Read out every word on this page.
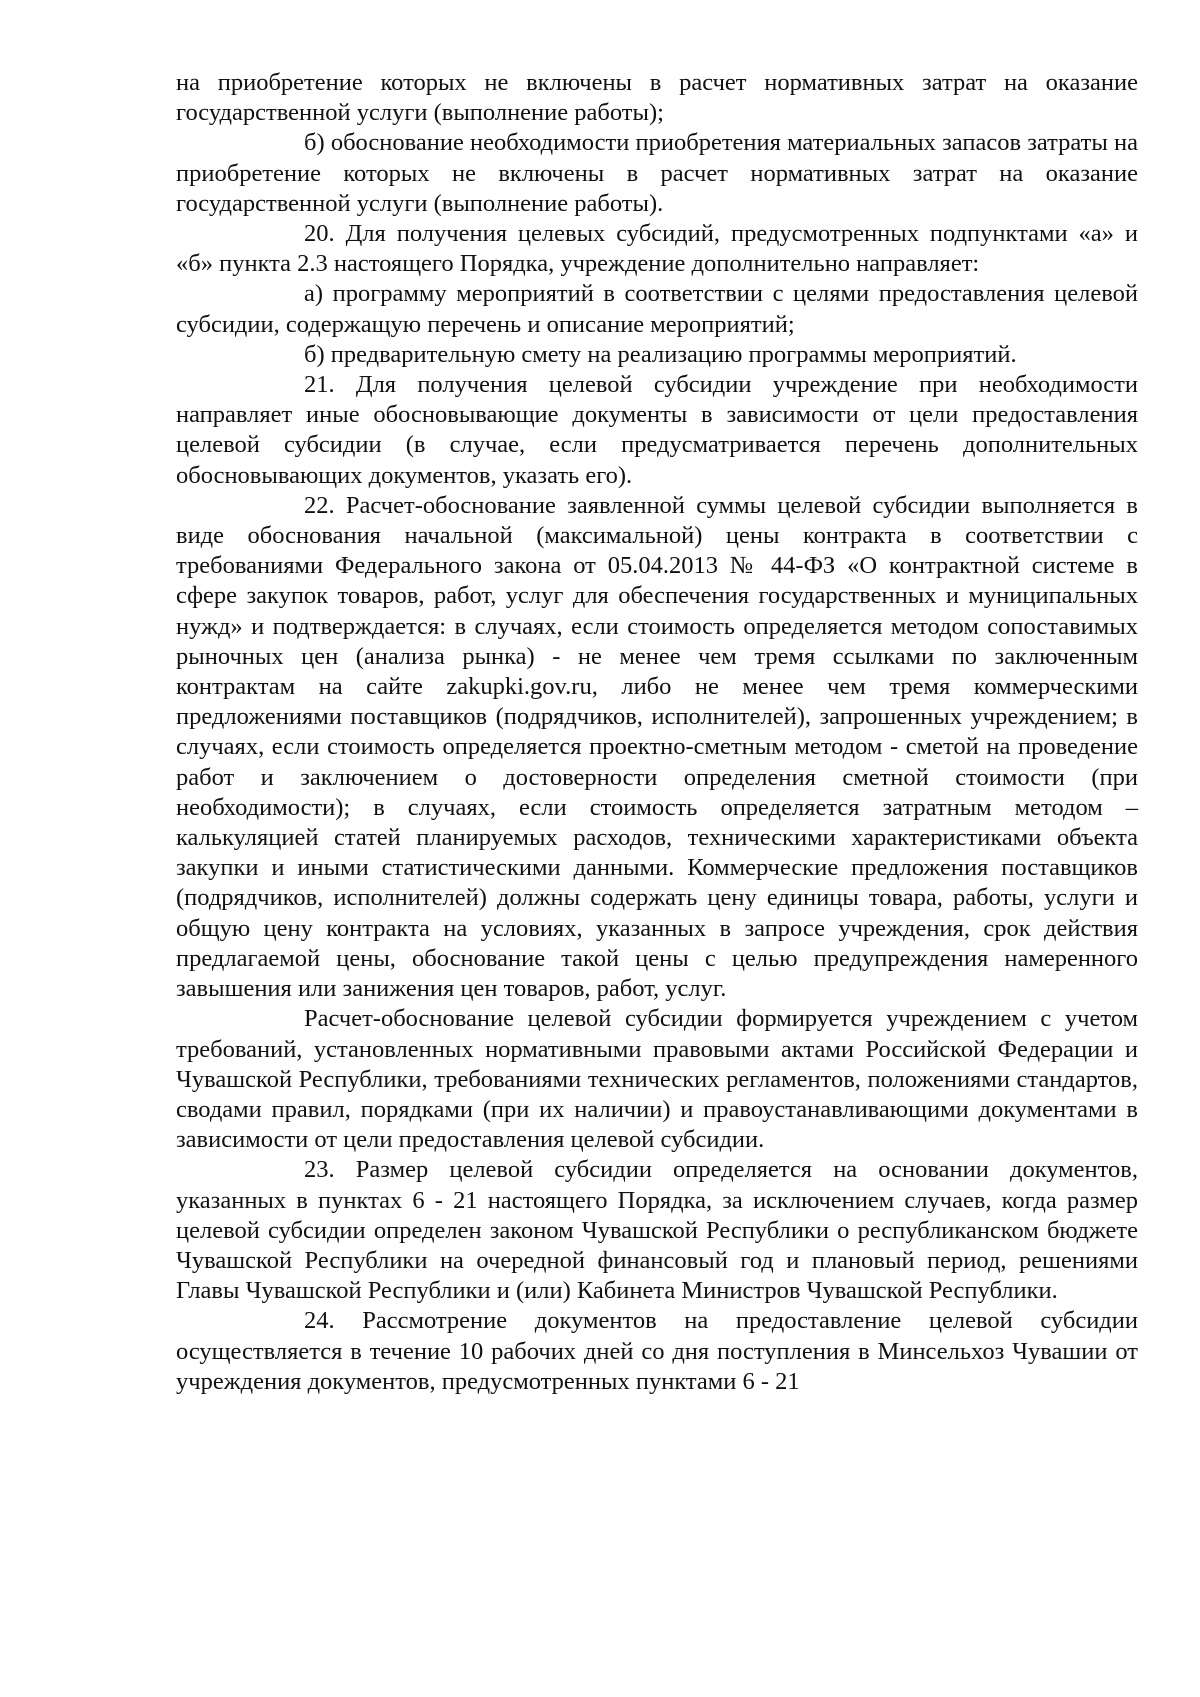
на приобретение которых не включены в расчет нормативных затрат на оказание государственной услуги (выполнение работы);

б) обоснование необходимости приобретения материальных запасов затраты на приобретение которых не включены в расчет нормативных затрат на оказание государственной услуги (выполнение работы).

20. Для получения целевых субсидий, предусмотренных подпунктами «а» и «б» пункта 2.3 настоящего Порядка, учреждение дополнительно направляет:

а) программу мероприятий в соответствии с целями предоставления целевой субсидии, содержащую перечень и описание мероприятий;

б) предварительную смету на реализацию программы мероприятий.

21. Для получения целевой субсидии учреждение при необходимости направляет иные обосновывающие документы в зависимости от цели предоставления целевой субсидии (в случае, если предусматривается перечень дополнительных обосновывающих документов, указать его).

22. Расчет-обоснование заявленной суммы целевой субсидии выполняется в виде обоснования начальной (максимальной) цены контракта в соответствии с требованиями Федерального закона от 05.04.2013 № 44-ФЗ «О контрактной системе в сфере закупок товаров, работ, услуг для обеспечения государственных и муниципальных нужд» и подтверждается: в случаях, если стоимость определяется методом сопоставимых рыночных цен (анализа рынка) - не менее чем тремя ссылками по заключенным контрактам на сайте zakupki.gov.ru, либо не менее чем тремя коммерческими предложениями поставщиков (подрядчиков, исполнителей), запрошенных учреждением; в случаях, если стоимость определяется проектно-сметным методом - сметой на проведение работ и заключением о достоверности определения сметной стоимости (при необходимости); в случаях, если стоимость определяется затратным методом – калькуляцией статей планируемых расходов, техническими характеристиками объекта закупки и иными статистическими данными. Коммерческие предложения поставщиков (подрядчиков, исполнителей) должны содержать цену единицы товара, работы, услуги и общую цену контракта на условиях, указанных в запросе учреждения, срок действия предлагаемой цены, обоснование такой цены с целью предупреждения намеренного завышения или занижения цен товаров, работ, услуг.

Расчет-обоснование целевой субсидии формируется учреждением с учетом требований, установленных нормативными правовыми актами Российской Федерации и Чувашской Республики, требованиями технических регламентов, положениями стандартов, сводами правил, порядками (при их наличии) и правоустанавливающими документами в зависимости от цели предоставления целевой субсидии.

23. Размер целевой субсидии определяется на основании документов, указанных в пунктах 6 - 21 настоящего Порядка, за исключением случаев, когда размер целевой субсидии определен законом Чувашской Республики о республиканском бюджете Чувашской Республики на очередной финансовый год и плановый период, решениями Главы Чувашской Республики и (или) Кабинета Министров Чувашской Республики.

24. Рассмотрение документов на предоставление целевой субсидии осуществляется в течение 10 рабочих дней со дня поступления в Минсельхоз Чувашии от учреждения документов, предусмотренных пунктами 6 - 21
